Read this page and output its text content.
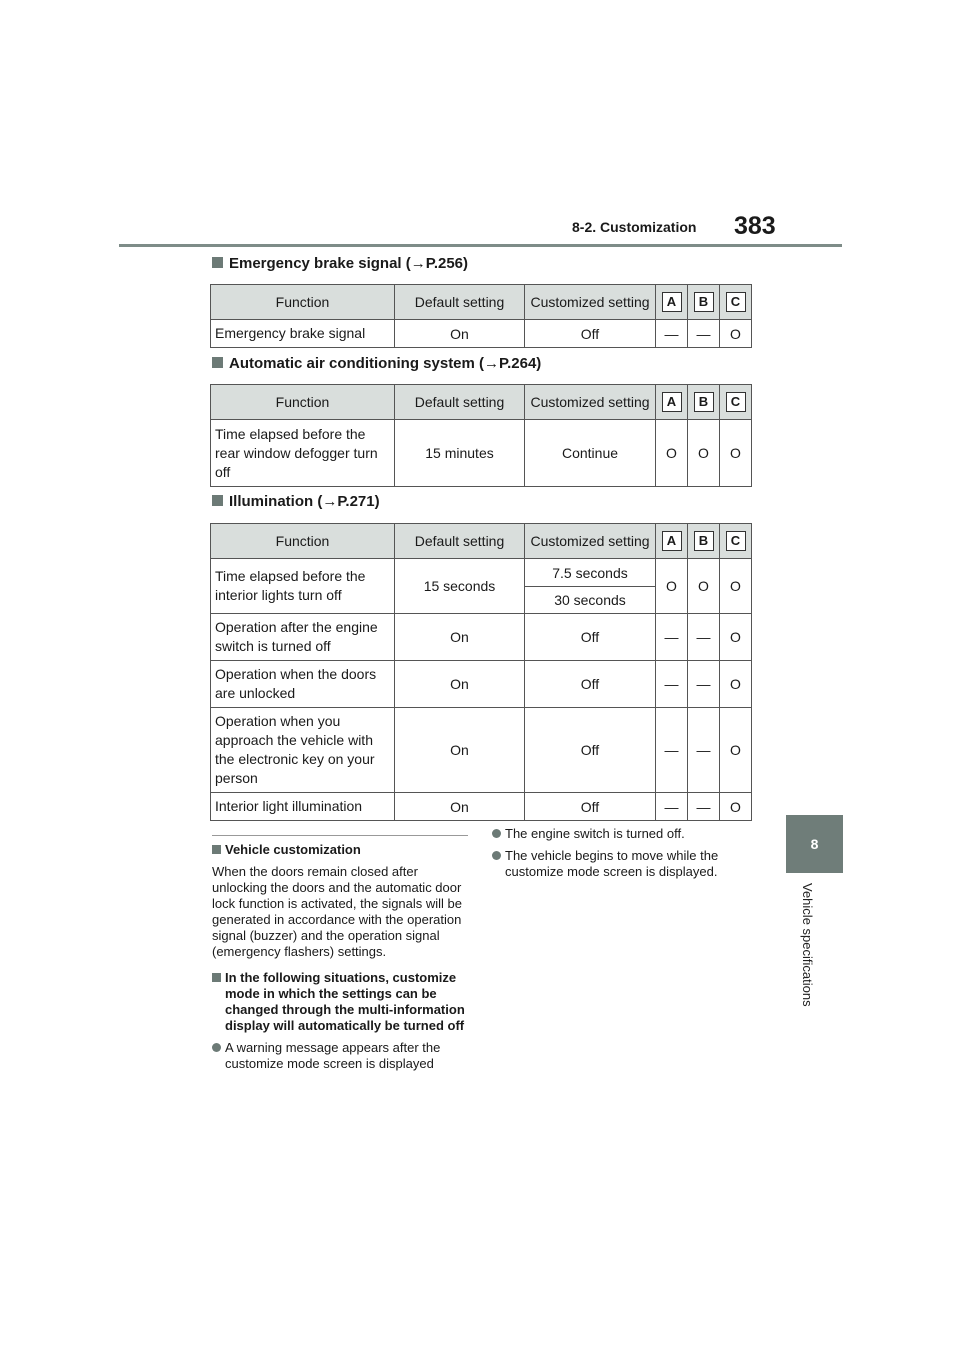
8-2. Customization 383
8
Vehicle specifications
Emergency brake signal (→P.256)
Function	Default setting	Customized setting	A	B	C
Emergency brake signal	On	Off	—	—	O
Automatic air conditioning system (→P.264)
Function	Default setting	Customized setting	A	B	C
Time elapsed before the rear window defogger turn off	15 minutes	Continue	O	O	O
Illumination (→P.271)
Function	Default setting	Customized setting	A	B	C
Time elapsed before the interior lights turn off	15 seconds	7.5 seconds	O	O	O
		30 seconds			
Operation after the engine switch is turned off	On	Off	—	—	O
Operation when the doors are unlocked	On	Off	—	—	O
Operation when you approach the vehicle with the electronic key on your person	On	Off	—	—	O
Interior light illumination	On	Off	—	—	O

Vehicle customization

When the doors remain closed after unlocking the doors and the automatic door lock function is activated, the signals will be generated in accordance with the operation signal (buzzer) and the operation signal (emergency flashers) settings.

In the following situations, customize mode in which the settings can be changed through the multi-information display will automatically be turned off
A warning message appears after the customize mode screen is displayed
The engine switch is turned off.
The vehicle begins to move while the customize mode screen is displayed.
